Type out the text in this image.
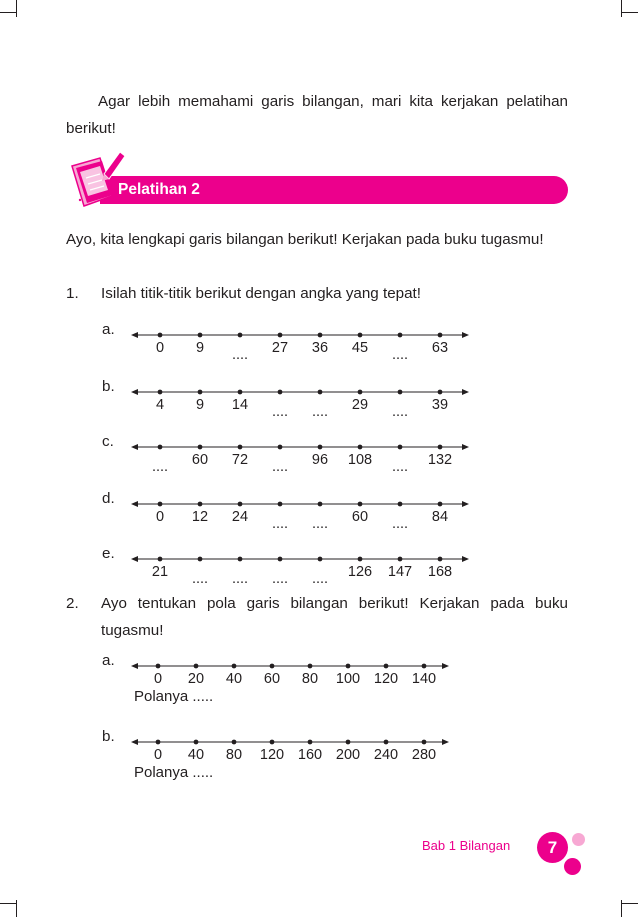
Agar lebih memahami garis bilangan, mari kita kerjakan pelatihan berikut!

Pelatihan 2

Ayo, kita lengkapi garis bilangan berikut! Kerjakan pada buku tugasmu!

1. Isilah titik-titik berikut dengan angka yang tepat!
a.
0 9 .... 27 36 45 .... 63
b.
4 9 14 .... .... 29 .... 39
c.
.... 60 72 .... 96 108 .... 132
d.
0 12 24 .... .... 60 .... 84
e.
21 .... .... .... .... 126 147 168
2. Ayo tentukan pola garis bilangan berikut! Kerjakan pada buku tugasmu!
a.
0 20 40 60 80 100 120 140
Polanya .....
b.
0 40 80 120 160 200 240 280
Polanya .....
Bab 1 Bilangan	7
